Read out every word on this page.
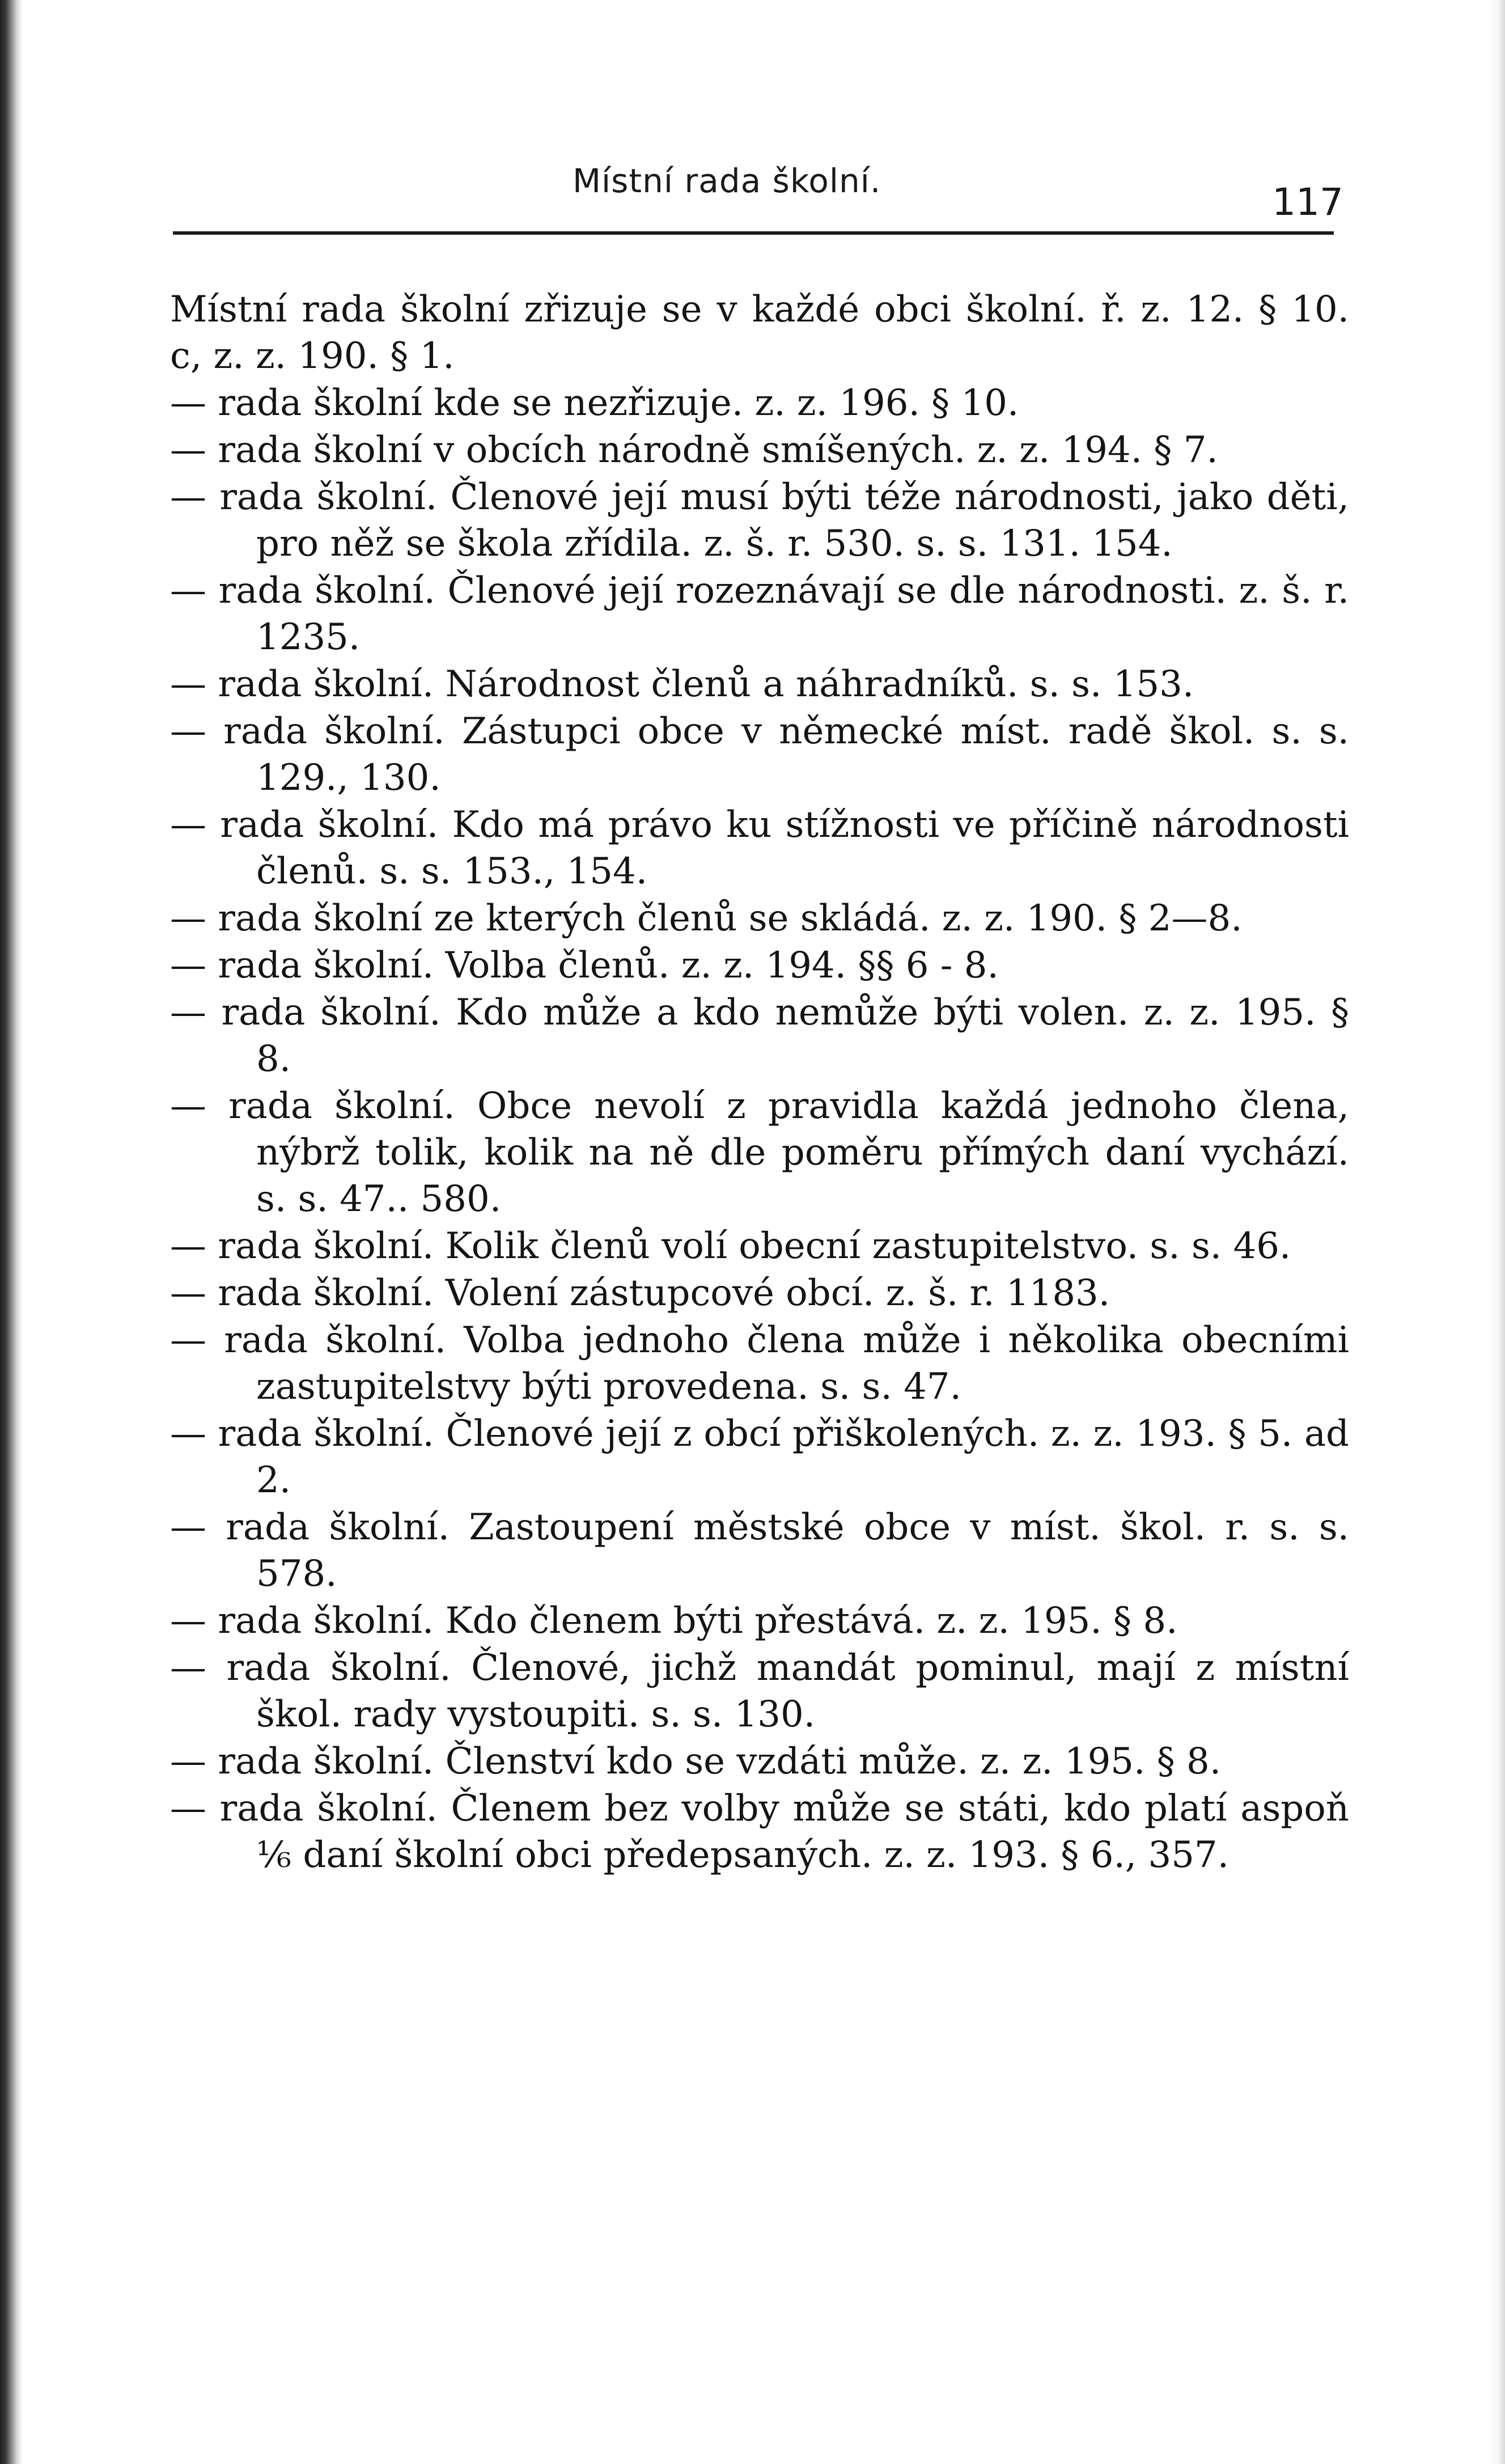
Místní rada školní.	117

Místní rada školní zřizuje se v každé obci školní. ř. z. 12. § 10. c, z. z. 190. § 1.

— rada školní kde se nezřizuje. z. z. 196. § 10.

— rada školní v obcích národně smíšených. z. z. 194. § 7.

— rada školní. Členové její musí býti téže národnosti, jako děti, pro něž se škola zřídila. z. š. r. 530. s. s. 131. 154.

— rada školní. Členové její rozeznávají se dle národnosti. z. š. r. 1235.

— rada školní. Národnost členů a náhradníků. s. s. 153.

— rada školní. Zástupci obce v německé míst. radě škol. s. s. 129., 130.

— rada školní. Kdo má právo ku stížnosti ve příčině národnosti členů. s. s. 153., 154.

— rada školní ze kterých členů se skládá. z. z. 190. § 2—8.

— rada školní. Volba členů. z. z. 194. §§ 6 - 8.

— rada školní. Kdo může a kdo nemůže býti volen. z. z. 195. § 8.

— rada školní. Obce nevolí z pravidla každá jednoho člena, nýbrž tolik, kolik na ně dle poměru přímých daní vychází. s. s. 47.. 580.

— rada školní. Kolik členů volí obecní zastupitelstvo. s. s. 46.

— rada školní. Volení zástupcové obcí. z. š. r. 1183.

— rada školní. Volba jednoho člena může i několika obecními zastupitelstvy býti provedena. s. s. 47.

— rada školní. Členové její z obcí přiškolených. z. z. 193. § 5. ad 2.

— rada školní. Zastoupení městské obce v míst. škol. r. s. s. 578.

— rada školní. Kdo členem býti přestává. z. z. 195. § 8.

— rada školní. Členové, jichž mandát pominul, mají z místní škol. rady vystoupiti. s. s. 130.

— rada školní. Členství kdo se vzdáti může. z. z. 195. § 8.

— rada školní. Členem bez volby může se státi, kdo platí aspoň ⅙ daní školní obci předepsaných. z. z. 193. § 6., 357.
